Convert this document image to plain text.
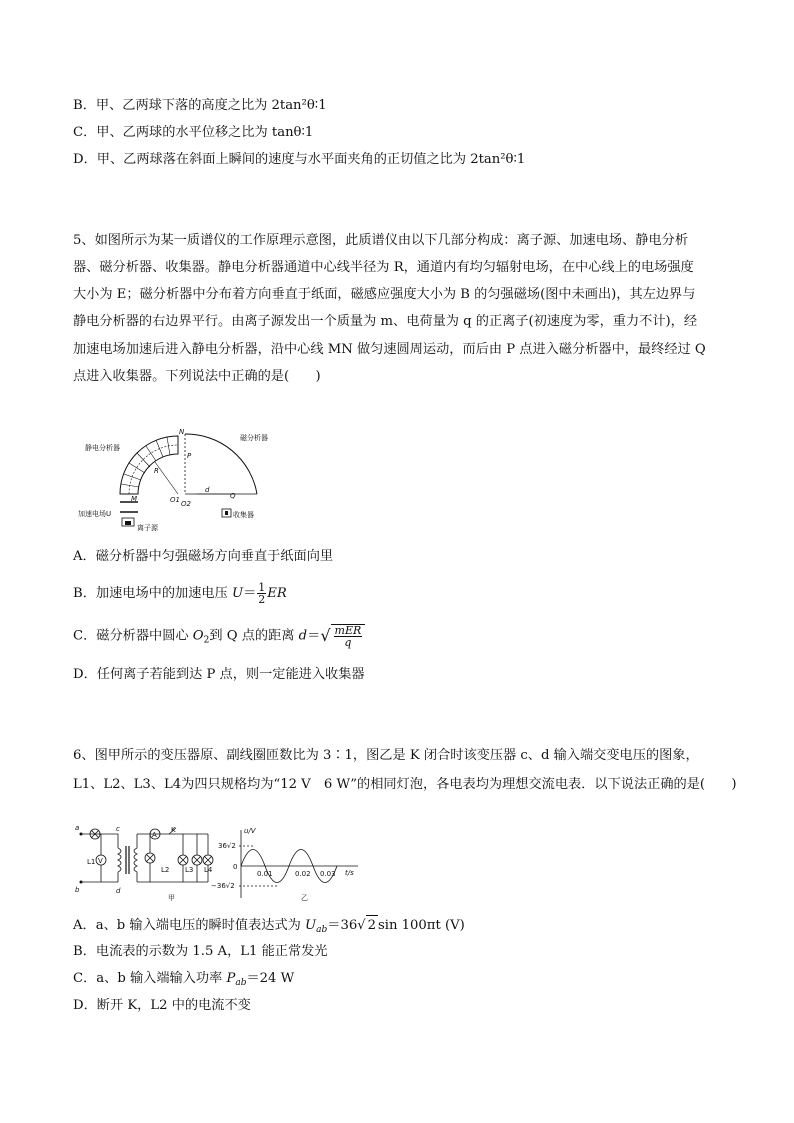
B．甲、乙两球下落的高度之比为 2tan²θ∶1
C．甲、乙两球的水平位移之比为 tanθ∶1
D．甲、乙两球落在斜面上瞬间的速度与水平面夹角的正切值之比为 2tan²θ∶1
5、如图所示为某一质谱仪的工作原理示意图，此质谱仪由以下几部分构成：离子源、加速电场、静电分析
器、磁分析器、收集器。静电分析器通道中心线半径为 R，通道内有均匀辐射电场，在中心线上的电场强度
大小为 E；磁分析器中分布着方向垂直于纸面，磁感应强度大小为 B 的匀强磁场(图中未画出)，其左边界与
静电分析器的右边界平行。由离子源发出一个质量为 m、电荷量为 q 的正离子(初速度为零，重力不计)，经
加速电场加速后进入静电分析器，沿中心线 MN 做匀速圆周运动，而后由 P 点进入磁分析器中，最终经过 Q
点进入收集器。下列说法中正确的是(　　)
静电分析器
磁分析器
加速电场U
离子源
收集器
N
P
R
M	O1 O2
d
Q
A．磁分析器中匀强磁场方向垂直于纸面向里
B．加速电场中的加速电压 $U= \frac{1}{2}$ ER
C．磁分析器中圆心 $O_2$到 Q 点的距离 $d=√ \frac{\text{mER}}{q}$
D．任何离子若能到达 P 点，则一定能进入收集器
6、图甲所示的变压器原、副线圈匝数比为 3∶1，图乙是 K 闭合时该变压器 c、d 输入端交变电压的图象，
L1、L2、L3、L4为四只规格均为“12 V　6 W”的相同灯泡，各电表均为理想交流电表．以下说法正确的是(　　)
a
b
c
d
K
L1 V
A
L2 L3 L4
甲	乙
u/V
t/s
36√2
−36√2
0
0.01	0.02 0.03
A．a、b 输入端电压的瞬时值表达式为 $U_{ab}=36√$ 2 sin 100πt (V)
B．电流表的示数为 1.5 A，L1 能正常发光
C．a、b 输入端输入功率 $P_{ab}=24$ W
D．断开 K，L2 中的电流不变
